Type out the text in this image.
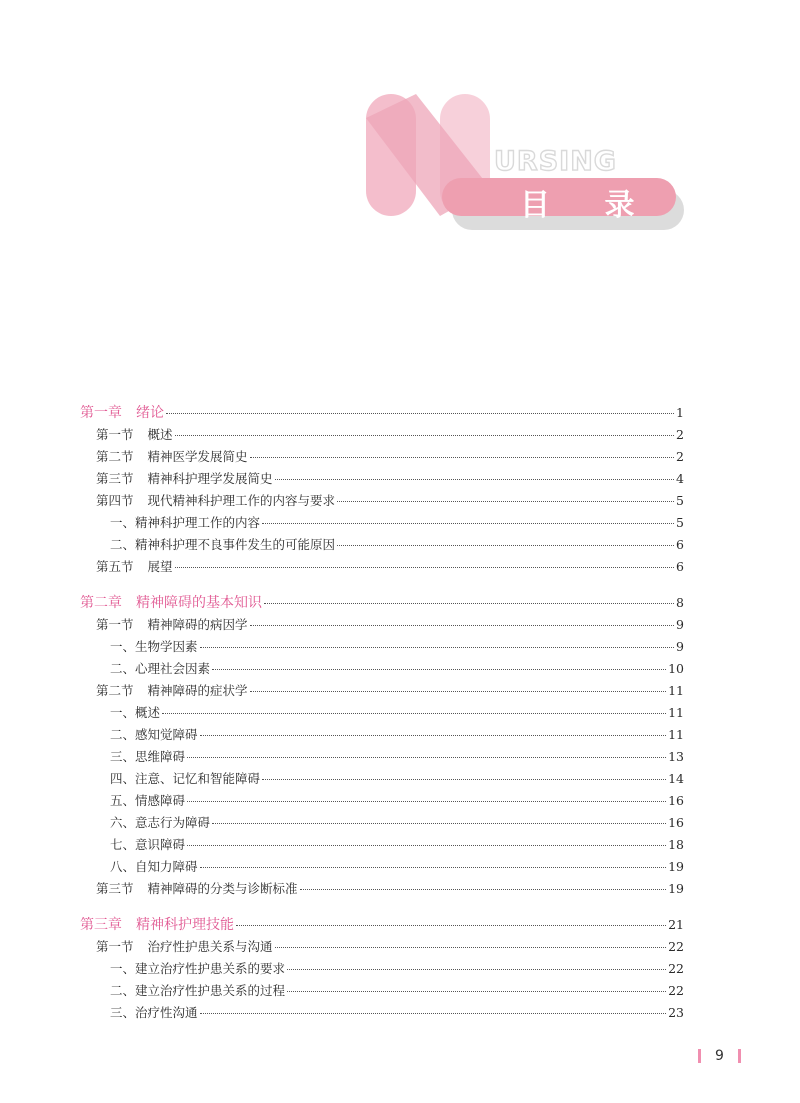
URSING
目 录
第一章 绪论	1
第一节 概述	2
第二节 精神医学发展简史	2
第三节 精神科护理学发展简史	4
第四节 现代精神科护理工作的内容与要求	5
一、精神科护理工作的内容	5
二、精神科护理不良事件发生的可能原因	6
第五节 展望	6
第二章 精神障碍的基本知识	8
第一节 精神障碍的病因学	9
一、生物学因素	9
二、心理社会因素	10
第二节 精神障碍的症状学	11
一、概述	11
二、感知觉障碍	11
三、思维障碍	13
四、注意、记忆和智能障碍	14
五、情感障碍	16
六、意志行为障碍	16
七、意识障碍	18
八、自知力障碍	19
第三节 精神障碍的分类与诊断标准	19
第三章 精神科护理技能	21
第一节 治疗性护患关系与沟通	22
一、建立治疗性护患关系的要求	22
二、建立治疗性护患关系的过程	22
三、治疗性沟通	23
9
